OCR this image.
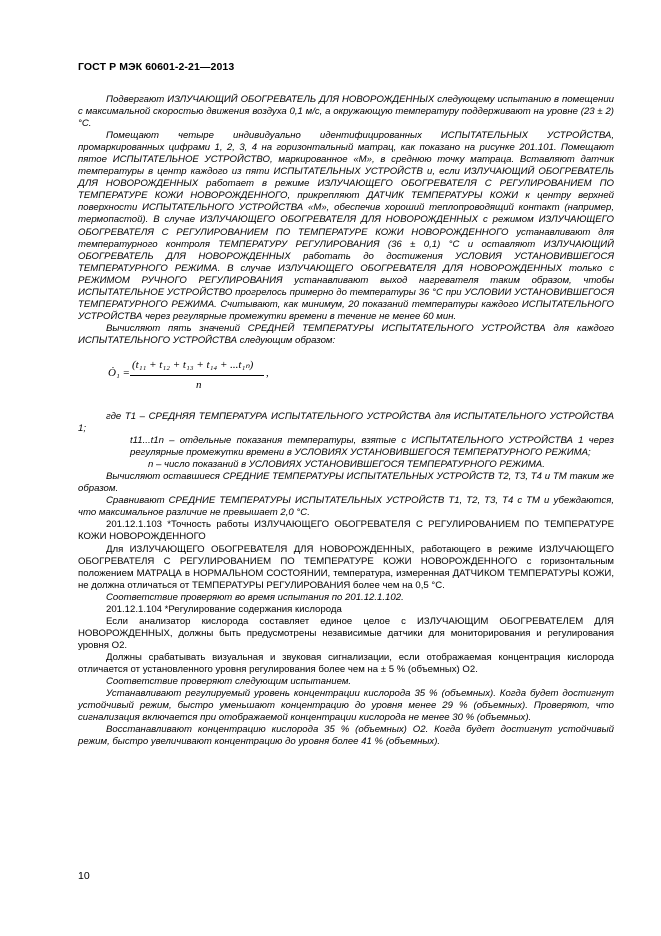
ГОСТ Р МЭК 60601-2-21—2013

Подвергают ИЗЛУЧАЮЩИЙ ОБОГРЕВАТЕЛЬ ДЛЯ НОВОРОЖДЕННЫХ следующему испытанию в помещении с максимальной скоростью движения воздуха 0,1 м/с, а окружающую температуру поддерживают на уровне (23 ± 2) °С.

Помещают четыре индивидуально идентифицированных ИСПЫТАТЕЛЬНЫХ УСТРОЙСТВА, промаркированных цифрами 1, 2, 3, 4 на горизонтальный матрац, как показано на рисунке 201.101. Помещают пятое ИСПЫТАТЕЛЬНОЕ УСТРОЙСТВО, маркированное «М», в среднюю точку матраца. Вставляют датчик температуры в центр каждого из пяти ИСПЫТАТЕЛЬНЫХ УСТРОЙСТВ и, если ИЗЛУЧАЮЩИЙ ОБОГРЕВАТЕЛЬ ДЛЯ НОВОРОЖДЕННЫХ работает в режиме ИЗЛУЧАЮЩЕГО ОБОГРЕВАТЕЛЯ С РЕГУЛИРОВАНИЕМ ПО ТЕМПЕРАТУРЕ КОЖИ НОВОРОЖДЕННОГО, прикрепляют ДАТЧИК ТЕМПЕРАТУРЫ КОЖИ к центру верхней поверхности ИСПЫТАТЕЛЬНОГО УСТРОЙСТВА «М», обеспечив хороший теплопроводящий контакт (например, термопастой). В случае ИЗЛУЧАЮЩЕГО ОБОГРЕВАТЕЛЯ ДЛЯ НОВОРОЖДЕННЫХ с режимом ИЗЛУЧАЮЩЕГО ОБОГРЕВАТЕЛЯ С РЕГУЛИРОВАНИЕМ ПО ТЕМПЕРАТУРЕ КОЖИ НОВОРОЖДЕННОГО устанавливают для температурного контроля ТЕМПЕРАТУРУ РЕГУЛИРОВАНИЯ (36 ± 0,1) °С и оставляют ИЗЛУЧАЮЩИЙ ОБОГРЕВАТЕЛЬ ДЛЯ НОВОРОЖДЕННЫХ работать до достижения УСЛОВИЯ УСТАНОВИВШЕГОСЯ ТЕМПЕРАТУРНОГО РЕЖИМА. В случае ИЗЛУЧАЮЩЕГО ОБОГРЕВАТЕЛЯ ДЛЯ НОВОРОЖДЕННЫХ только с РЕЖИМОМ РУЧНОГО РЕГУЛИРОВАНИЯ устанавливают выход нагревателя таким образом, чтобы ИСПЫТАТЕЛЬНОЕ УСТРОЙСТВО прогрелось примерно до температуры 36 °С при УСЛОВИИ УСТАНОВИВШЕГОСЯ ТЕМПЕРАТУРНОГО РЕЖИМА. Считывают, как минимум, 20 показаний температуры каждого ИСПЫТАТЕЛЬНОГО УСТРОЙСТВА через регулярные промежутки времени в течение не менее 60 мин.

Вычисляют пять значений СРЕДНЕЙ ТЕМПЕРАТУРЫ ИСПЫТАТЕЛЬНОГО УСТРОЙСТВА для каждого ИСПЫТАТЕЛЬНОГО УСТРОЙСТВА следующим образом:

Ȯ₁ =
(t₁₁ + t₁₂ + t₁₃ + t₁₄ + ...t₁ₙ)
n
,

где T1 – СРЕДНЯЯ ТЕМПЕРАТУРА ИСПЫТАТЕЛЬНОГО УСТРОЙСТВА для ИСПЫТАТЕЛЬНОГО УСТРОЙСТВА 1;

t11...t1n – отдельные показания температуры, взятые с ИСПЫТАТЕЛЬНОГО УСТРОЙСТВА 1 через регулярные промежутки времени в УСЛОВИЯХ УСТАНОВИВШЕГОСЯ ТЕМПЕРАТУРНОГО РЕЖИМА;

n – число показаний в УСЛОВИЯХ УСТАНОВИВШЕГОСЯ ТЕМПЕРАТУРНОГО РЕЖИМА.

Вычисляют оставшиеся СРЕДНИЕ ТЕМПЕРАТУРЫ ИСПЫТАТЕЛЬНЫХ УСТРОЙСТВ T2, T3, T4 и TM таким же образом.

Сравнивают СРЕДНИЕ ТЕМПЕРАТУРЫ ИСПЫТАТЕЛЬНЫХ УСТРОЙСТВ T1, T2, T3, T4 с TM и убеждаются, что максимальное различие не превышает 2,0 °С.

201.12.1.103 *Точность работы ИЗЛУЧАЮЩЕГО ОБОГРЕВАТЕЛЯ С РЕГУЛИРОВАНИЕМ ПО ТЕМПЕРАТУРЕ КОЖИ НОВОРОЖДЕННОГО

Для ИЗЛУЧАЮЩЕГО ОБОГРЕВАТЕЛЯ ДЛЯ НОВОРОЖДЕННЫХ, работающего в режиме ИЗЛУЧАЮЩЕГО ОБОГРЕВАТЕЛЯ С РЕГУЛИРОВАНИЕМ ПО ТЕМПЕРАТУРЕ КОЖИ НОВОРОЖДЕННОГО с горизонтальным положением МАТРАЦА в НОРМАЛЬНОМ СОСТОЯНИИ, температура, измеренная ДАТЧИКОМ ТЕМПЕРАТУРЫ КОЖИ, не должна отличаться от ТЕМПЕРАТУРЫ РЕГУЛИРОВАНИЯ более чем на 0,5 °С.

Соответствие проверяют во время испытания по 201.12.1.102.

201.12.1.104 *Регулирование содержания кислорода

Если анализатор кислорода составляет единое целое с ИЗЛУЧАЮЩИМ ОБОГРЕВАТЕЛЕМ ДЛЯ НОВОРОЖДЕННЫХ, должны быть предусмотрены независимые датчики для мониторирования и регулирования уровня O2.

Должны срабатывать визуальная и звуковая сигнализации, если отображаемая концентрация кислорода отличается от установленного уровня регулирования более чем на ± 5 % (объемных) O2.

Соответствие проверяют следующим испытанием.

Устанавливают регулируемый уровень концентрации кислорода 35 % (объемных). Когда будет достигнут устойчивый режим, быстро уменьшают концентрацию до уровня менее 29 % (объемных). Проверяют, что сигнализация включается при отображаемой концентрации кислорода не менее 30 % (объемных).

Восстанавливают концентрацию кислорода 35 % (объемных) O2. Когда будет достигнут устойчивый режим, быстро увеличивают концентрацию до уровня более 41 % (объемных).

10
